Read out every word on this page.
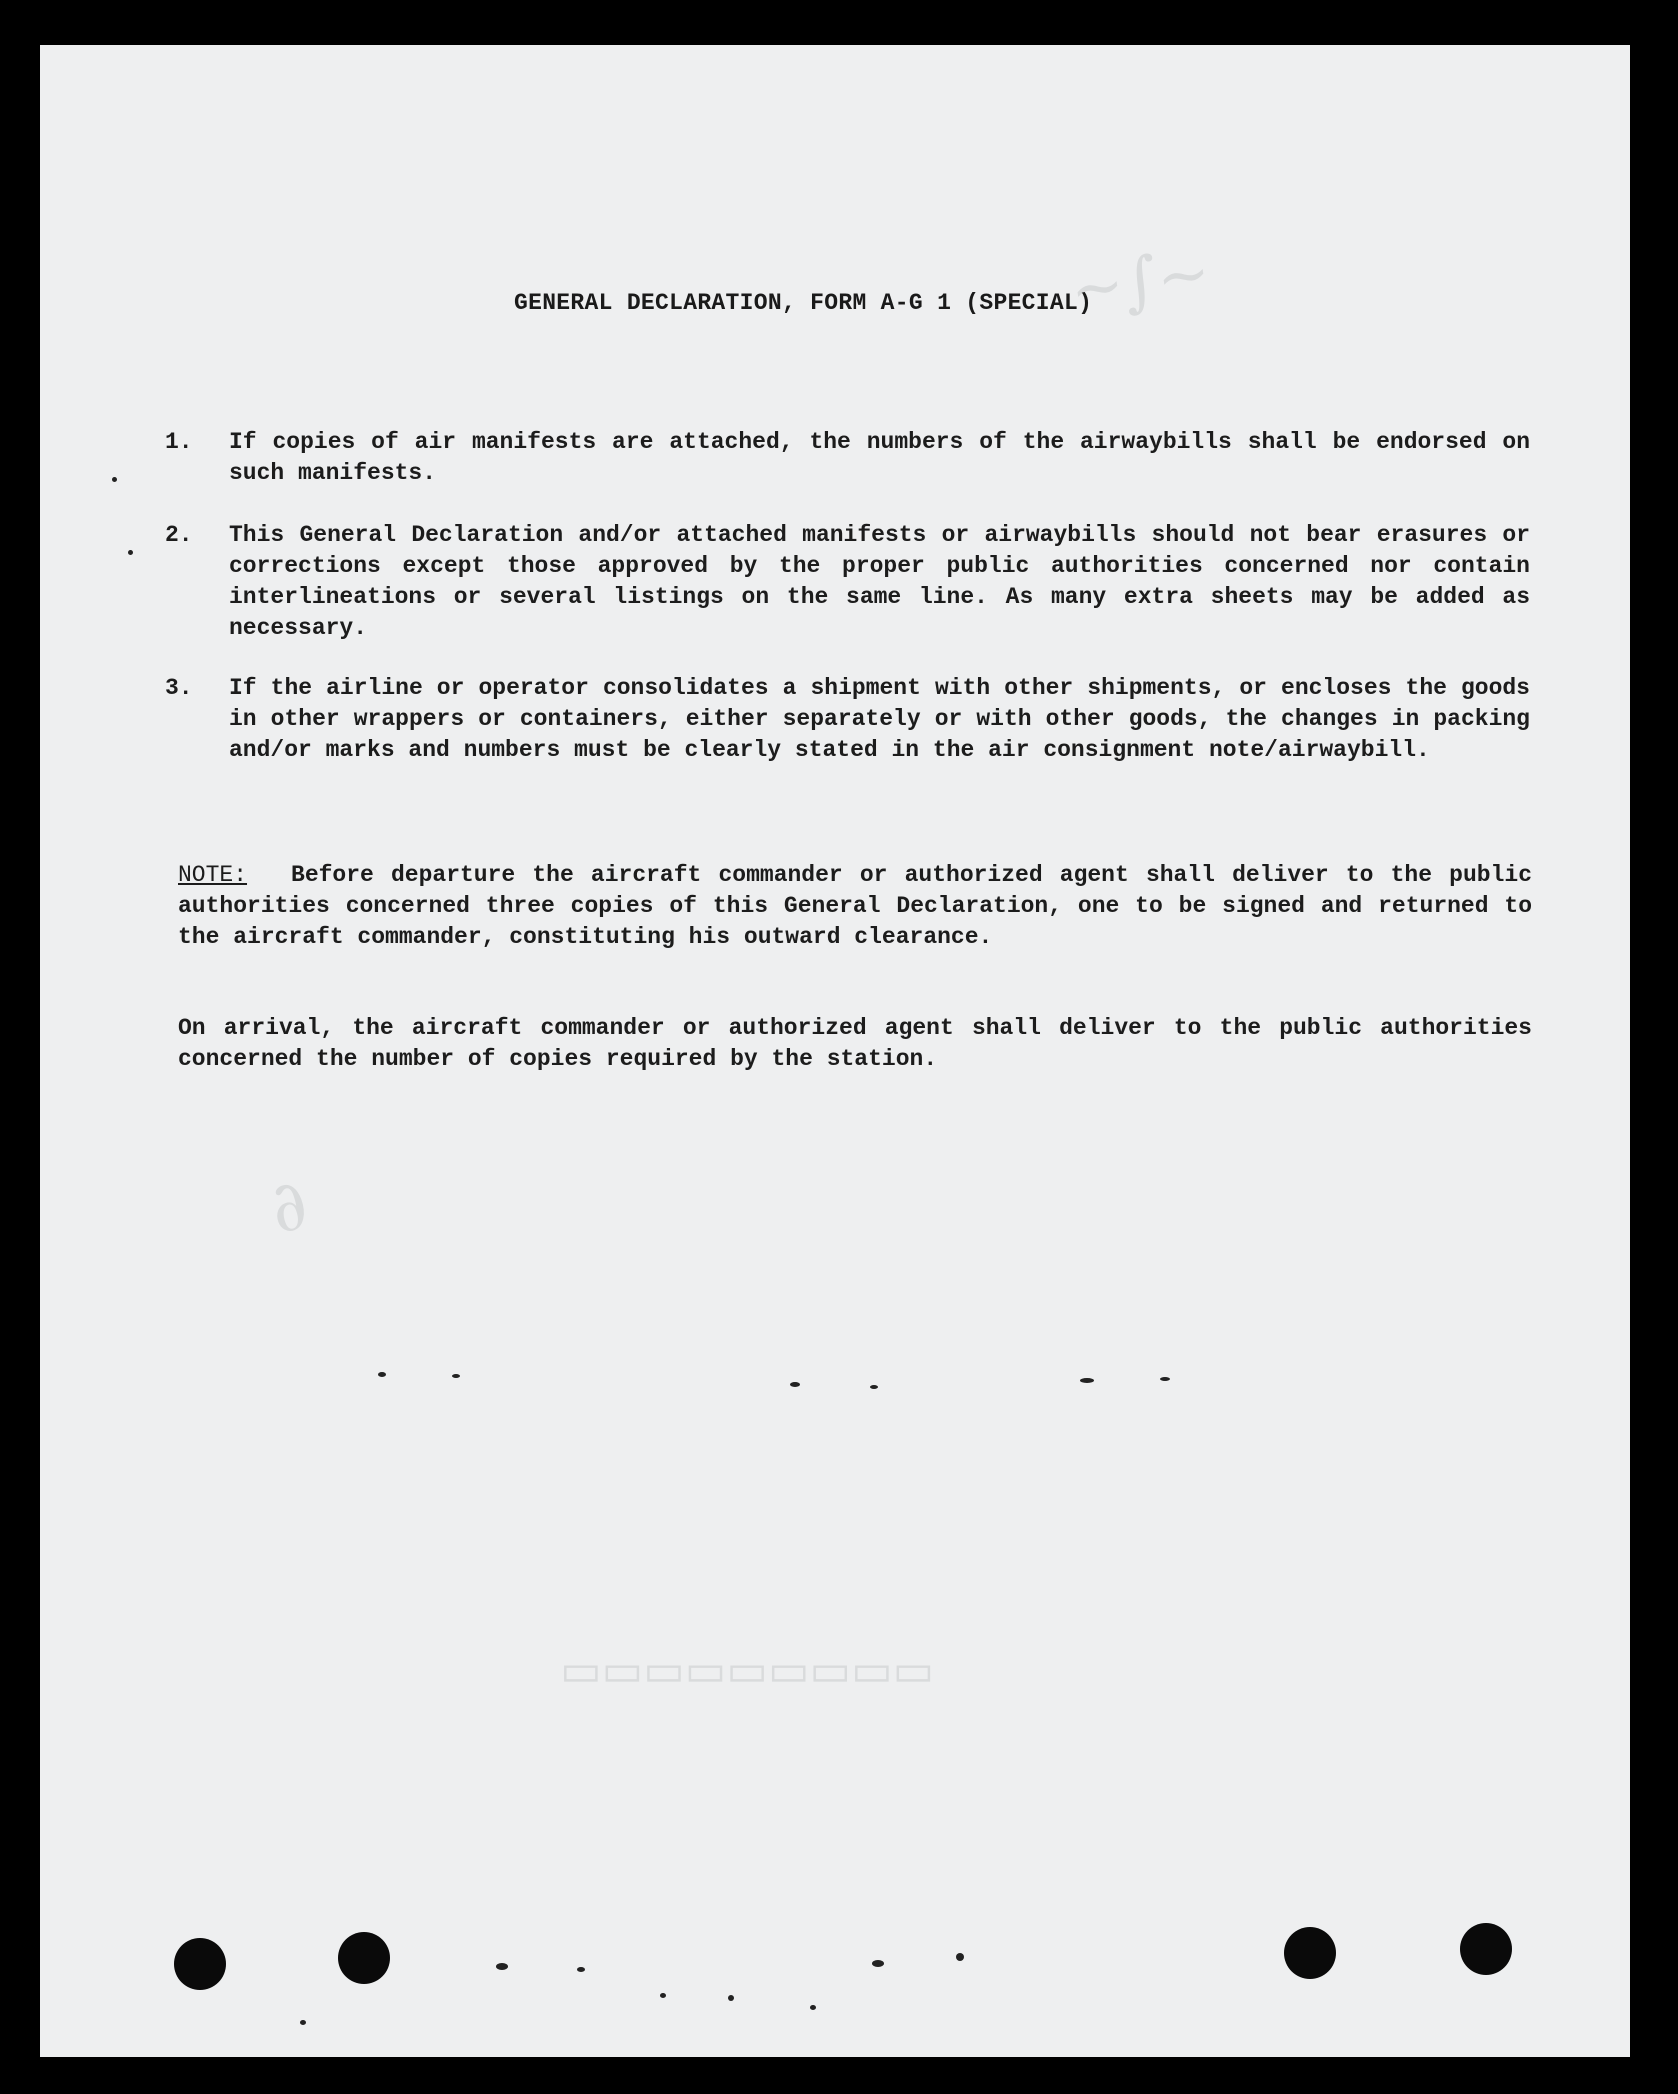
GENERAL DECLARATION, FORM A-G 1 (SPECIAL)
1.	If copies of air manifests are attached, the numbers of the airwaybills shall be endorsed on such manifests.
2.	This General Declaration and/or attached manifests or airwaybills should not bear erasures or corrections except those approved by the proper public authorities concerned nor contain interlineations or several listings on the same line. As many extra sheets may be added as necessary.
3.	If the airline or operator consolidates a shipment with other shipments, or encloses the goods in other wrappers or containers, either separately or with other goods, the changes in packing and/or marks and numbers must be clearly stated in the air consignment note/airwaybill.
NOTE: Before departure the aircraft commander or authorized agent shall deliver to the public authorities concerned three copies of this General Declaration, one to be signed and returned to the aircraft commander, constituting his outward clearance.
On arrival, the aircraft commander or authorized agent shall deliver to the public authorities concerned the number of copies required by the station.
~∫~
∂
▭▭▭▭▭▭▭▭▭
